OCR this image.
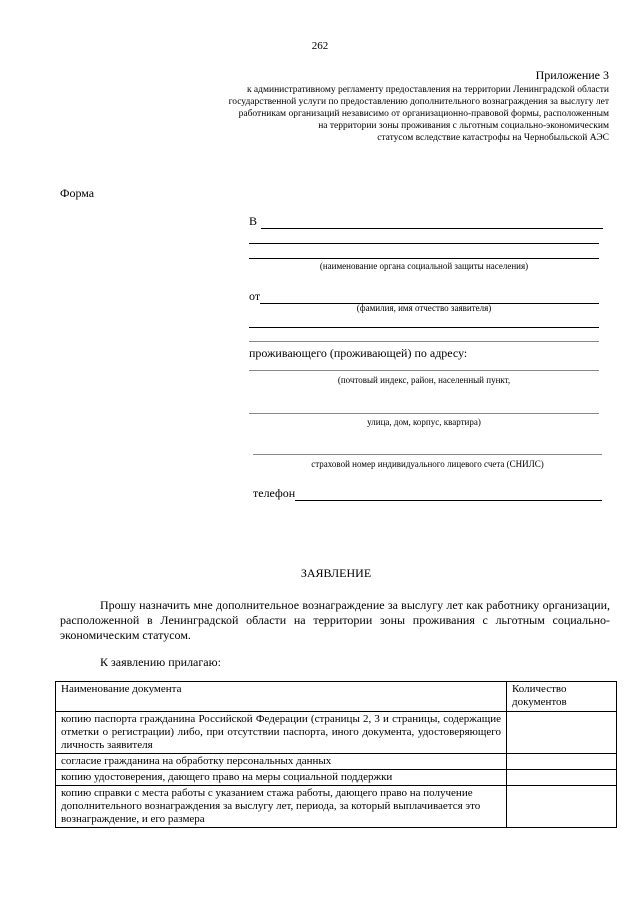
262
Приложение 3
к административному регламенту предоставления на территории Ленинградской области
государственной услуги по предоставлению дополнительного вознаграждения за выслугу лет
работникам организаций независимо от организационно-правовой формы, расположенным
на территории зоны проживания с льготным социально-экономическим
статусом вследствие катастрофы на Чернобыльской АЭС
Форма
В
(наименование органа социальной защиты населения)
от
(фамилия, имя отчество заявителя)
проживающего (проживающей) по адресу:
(почтовый индекс, район, населенный пункт,
улица, дом, корпус, квартира)
страховой номер индивидуального лицевого счета (СНИЛС)
телефон
ЗАЯВЛЕНИЕ
Прошу назначить мне дополнительное вознаграждение за выслугу лет как работнику организации, расположенной в Ленинградской области на территории зоны проживания с льготным социально-экономическим статусом.
К заявлению прилагаю:
Наименование документа	Количество документов
копию паспорта гражданина Российской Федерации (страницы 2, 3 и страницы, содержащие отметки о регистрации) либо, при отсутствии паспорта, иного документа, удостоверяющего личность заявителя	
согласие гражданина на обработку персональных данных	
копию удостоверения, дающего право на меры социальной поддержки	
копию справки с места работы с указанием стажа работы, дающего право на получение дополнительного вознаграждения за выслугу лет, периода, за который выплачивается это вознаграждение, и его размера	
